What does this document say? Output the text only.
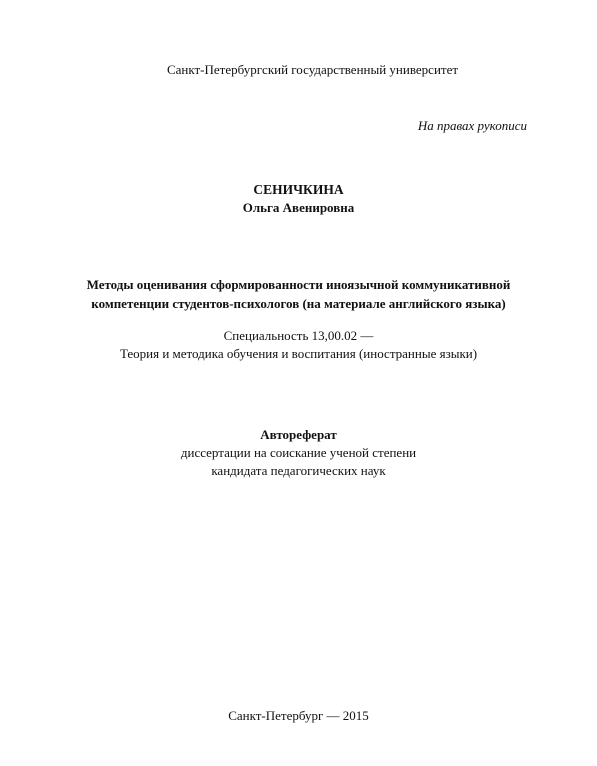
Санкт-Петербургский государственный университет
На правах рукописи
СЕНИЧКИНА
Ольга Авенировна
Методы оценивания сформированности иноязычной коммуникативной
компетенции студентов-психологов (на материале английского языка)
Специальность 13,00.02 —
Теория и методика обучения и воспитания (иностранные языки)
Автореферат
диссертации на соискание ученой степени
кандидата педагогических наук
Санкт-Петербург — 2015
